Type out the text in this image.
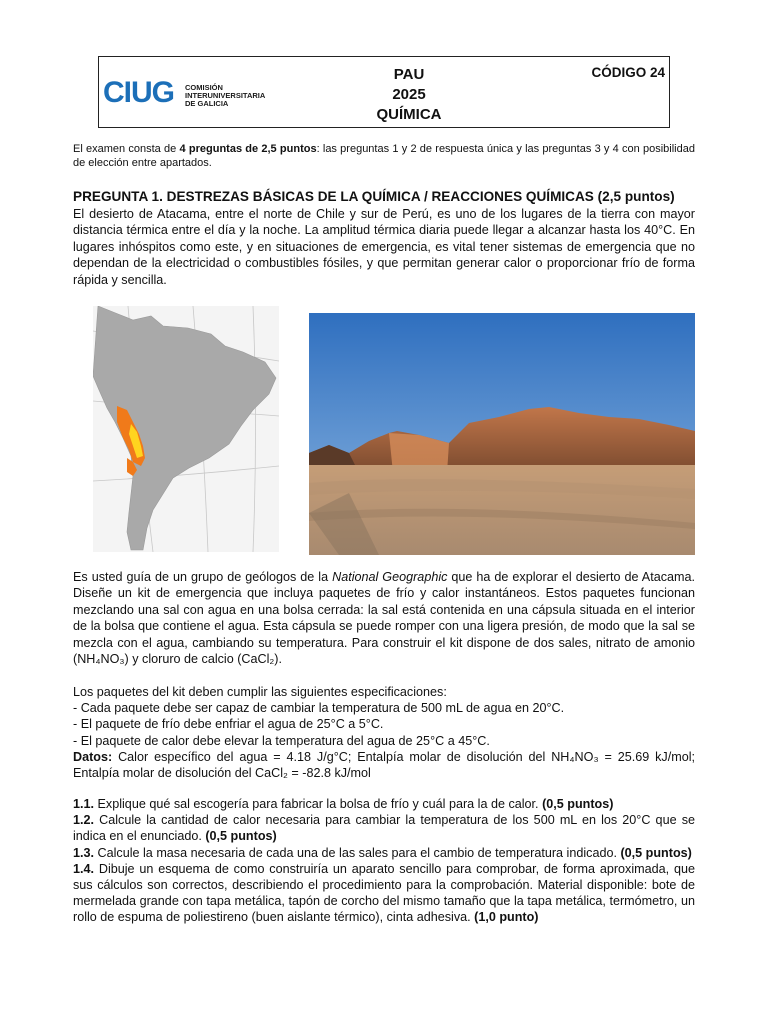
CIUG COMISIÓN
INTERUNIVERSITARIA
DE GALICIA
PAU
2025
QUÍMICA
CÓDIGO 24
El examen consta de 4 preguntas de 2,5 puntos: las preguntas 1 y 2 de respuesta única y las preguntas 3 y 4 con posibilidad de elección entre apartados.
PREGUNTA 1. DESTREZAS BÁSICAS DE LA QUÍMICA / REACCIONES QUÍMICAS (2,5 puntos)
El desierto de Atacama, entre el norte de Chile y sur de Perú, es uno de los lugares de la tierra con mayor distancia térmica entre el día y la noche. La amplitud térmica diaria puede llegar a alcanzar hasta los 40°C. En lugares inhóspitos como este, y en situaciones de emergencia, es vital tener sistemas de emergencia que no dependan de la electricidad o combustibles fósiles, y que permitan generar calor o proporcionar frío de forma rápida y sencilla.
Es usted guía de un grupo de geólogos de la National Geographic que ha de explorar el desierto de Atacama. Diseñe un kit de emergencia que incluya paquetes de frío y calor instantáneos. Estos paquetes funcionan mezclando una sal con agua en una bolsa cerrada: la sal está contenida en una cápsula situada en el interior de la bolsa que contiene el agua. Esta cápsula se puede romper con una ligera presión, de modo que la sal se mezcla con el agua, cambiando su temperatura. Para construir el kit dispone de dos sales, nitrato de amonio (NH₄NO₃) y cloruro de calcio (CaCl₂).
Los paquetes del kit deben cumplir las siguientes especificaciones:
- Cada paquete debe ser capaz de cambiar la temperatura de 500 mL de agua en 20°C.
- El paquete de frío debe enfriar el agua de 25°C a 5°C.
- El paquete de calor debe elevar la temperatura del agua de 25°C a 45°C.
Datos: Calor específico del agua = 4.18 J/g°C; Entalpía molar de disolución del NH₄NO₃ = 25.69 kJ/mol; Entalpía molar de disolución del CaCl₂ = -82.8 kJ/mol
1.1. Explique qué sal escogería para fabricar la bolsa de frío y cuál para la de calor. (0,5 puntos)
1.2. Calcule la cantidad de calor necesaria para cambiar la temperatura de los 500 mL en los 20°C que se indica en el enunciado. (0,5 puntos)
1.3. Calcule la masa necesaria de cada una de las sales para el cambio de temperatura indicado. (0,5 puntos)
1.4. Dibuje un esquema de como construiría un aparato sencillo para comprobar, de forma aproximada, que sus cálculos son correctos, describiendo el procedimiento para la comprobación. Material disponible: bote de mermelada grande con tapa metálica, tapón de corcho del mismo tamaño que la tapa metálica, termómetro, un rollo de espuma de poliestireno (buen aislante térmico), cinta adhesiva. (1,0 punto)
